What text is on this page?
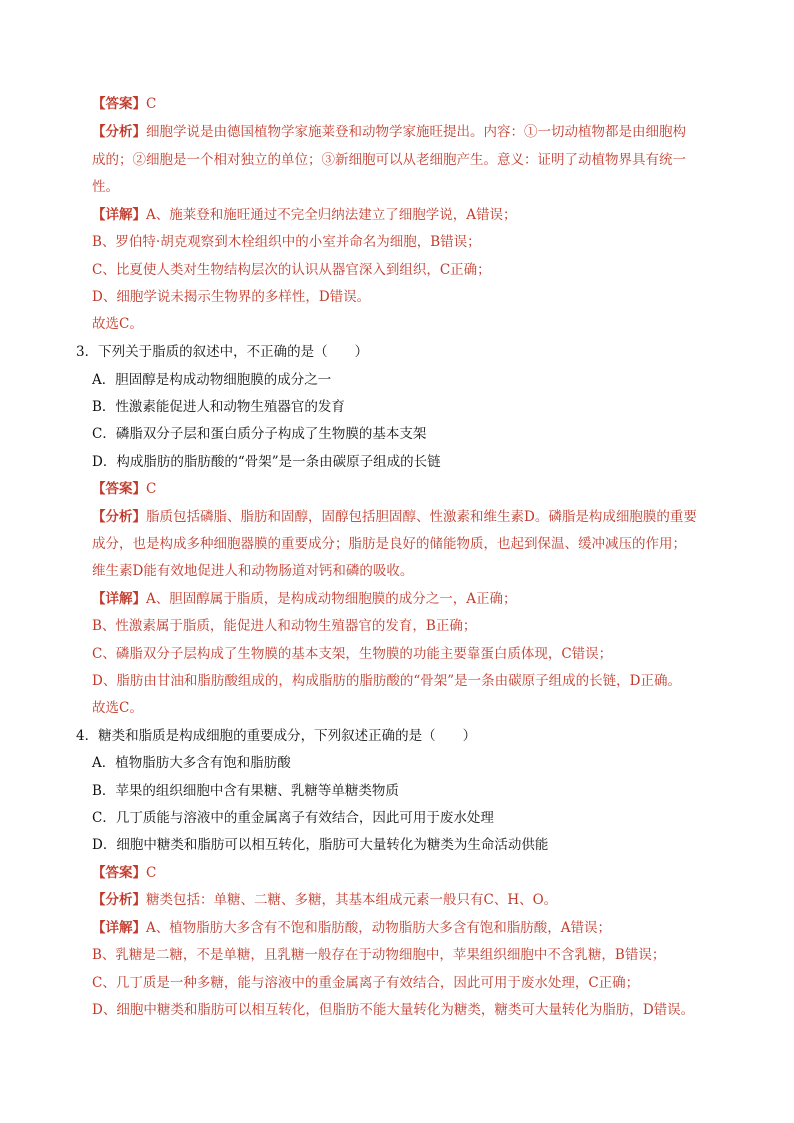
【答案】C
【分析】细胞学说是由德国植物学家施莱登和动物学家施旺提出。内容：①一切动植物都是由细胞构
成的；②细胞是一个相对独立的单位；③新细胞可以从老细胞产生。意义：证明了动植物界具有统一
性。
【详解】A、施莱登和施旺通过不完全归纳法建立了细胞学说，A错误；
B、罗伯特·胡克观察到木栓组织中的小室并命名为细胞，B错误；
C、比夏使人类对生物结构层次的认识从器官深入到组织，C正确；
D、细胞学说未揭示生物界的多样性，D错误。
故选C。
3．下列关于脂质的叙述中，不正确的是（　　）
A．胆固醇是构成动物细胞膜的成分之一
B．性激素能促进人和动物生殖器官的发育
C．磷脂双分子层和蛋白质分子构成了生物膜的基本支架
D．构成脂肪的脂肪酸的“骨架”是一条由碳原子组成的长链
【答案】C
【分析】脂质包括磷脂、脂肪和固醇，固醇包括胆固醇、性激素和维生素D。磷脂是构成细胞膜的重要
成分，也是构成多种细胞器膜的重要成分；脂肪是良好的储能物质，也起到保温、缓冲减压的作用；
维生素D能有效地促进人和动物肠道对钙和磷的吸收。
【详解】A、胆固醇属于脂质，是构成动物细胞膜的成分之一，A正确；
B、性激素属于脂质，能促进人和动物生殖器官的发育，B正确；
C、磷脂双分子层构成了生物膜的基本支架，生物膜的功能主要靠蛋白质体现，C错误；
D、脂肪由甘油和脂肪酸组成的，构成脂肪的脂肪酸的“骨架”是一条由碳原子组成的长链，D正确。
故选C。
4．糖类和脂质是构成细胞的重要成分，下列叙述正确的是（　　）
A．植物脂肪大多含有饱和脂肪酸
B．苹果的组织细胞中含有果糖、乳糖等单糖类物质
C．几丁质能与溶液中的重金属离子有效结合，因此可用于废水处理
D．细胞中糖类和脂肪可以相互转化，脂肪可大量转化为糖类为生命活动供能
【答案】C
【分析】糖类包括：单糖、二糖、多糖，其基本组成元素一般只有C、H、O。
【详解】A、植物脂肪大多含有不饱和脂肪酸，动物脂肪大多含有饱和脂肪酸，A错误；
B、乳糖是二糖，不是单糖，且乳糖一般存在于动物细胞中，苹果组织细胞中不含乳糖，B错误；
C、几丁质是一种多糖，能与溶液中的重金属离子有效结合，因此可用于废水处理，C正确；
D、细胞中糖类和脂肪可以相互转化，但脂肪不能大量转化为糖类，糖类可大量转化为脂肪，D错误。
